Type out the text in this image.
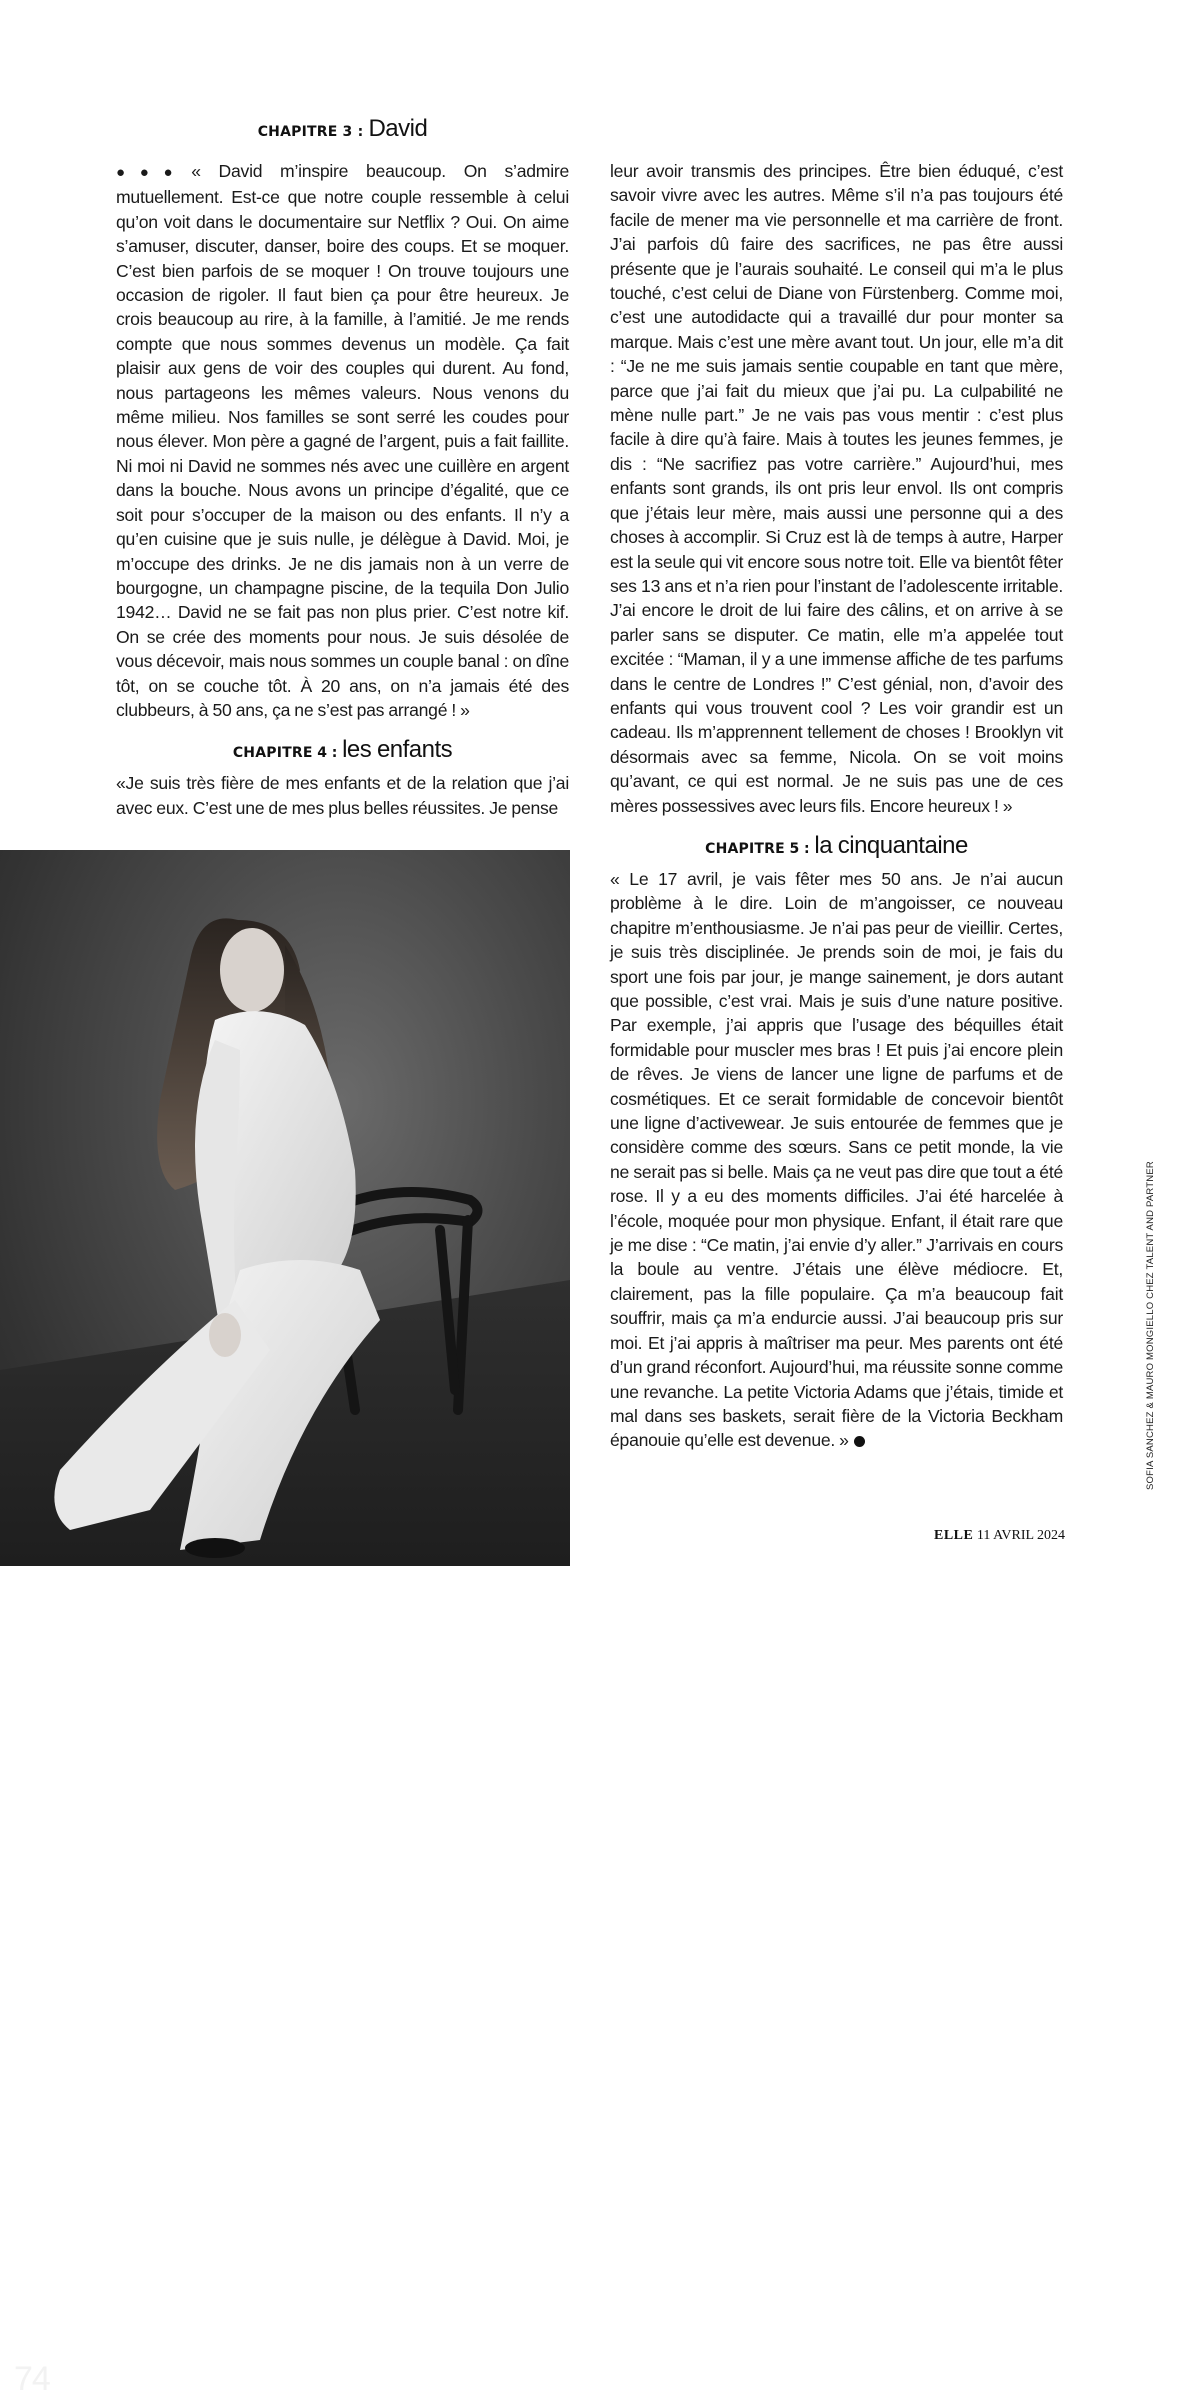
CHAPITRE 3 : David

●●● « David m’inspire beaucoup. On s’admire mutuellement. Est-ce que notre couple ressemble à celui qu’on voit dans le documentaire sur Netflix ? Oui. On aime s’amuser, discuter, danser, boire des coups. Et se moquer. C’est bien parfois de se moquer ! On trouve toujours une occasion de rigoler. Il faut bien ça pour être heureux. Je crois beaucoup au rire, à la famille, à l’amitié. Je me rends compte que nous sommes devenus un modèle. Ça fait plaisir aux gens de voir des couples qui durent. Au fond, nous partageons les mêmes valeurs. Nous venons du même milieu. Nos familles se sont serré les coudes pour nous élever. Mon père a gagné de l’argent, puis a fait faillite. Ni moi ni David ne sommes nés avec une cuillère en argent dans la bouche. Nous avons un principe d’égalité, que ce soit pour s’occuper de la maison ou des enfants. Il n’y a qu’en cuisine que je suis nulle, je délègue à David. Moi, je m’occupe des drinks. Je ne dis jamais non à un verre de bourgogne, un champagne piscine, de la tequila Don Julio 1942… David ne se fait pas non plus prier. C’est notre kif. On se crée des moments pour nous. Je suis désolée de vous décevoir, mais nous sommes un couple banal : on dîne tôt, on se couche tôt. À 20 ans, on n’a jamais été des clubbeurs, à 50 ans, ça ne s’est pas arrangé ! »

CHAPITRE 4 : les enfants

«Je suis très fière de mes enfants et de la relation que j’ai avec eux. C’est une de mes plus belles réussites. Je pense

leur avoir transmis des principes. Être bien éduqué, c’est savoir vivre avec les autres. Même s’il n’a pas toujours été facile de mener ma vie personnelle et ma carrière de front. J’ai parfois dû faire des sacrifices, ne pas être aussi présente que je l’aurais souhaité. Le conseil qui m’a le plus touché, c’est celui de Diane von Fürstenberg. Comme moi, c’est une autodidacte qui a travaillé dur pour monter sa marque. Mais c’est une mère avant tout. Un jour, elle m’a dit : “Je ne me suis jamais sentie coupable en tant que mère, parce que j’ai fait du mieux que j’ai pu. La culpabilité ne mène nulle part.” Je ne vais pas vous mentir : c’est plus facile à dire qu’à faire. Mais à toutes les jeunes femmes, je dis : “Ne sacrifiez pas votre carrière.” Aujourd’hui, mes enfants sont grands, ils ont pris leur envol. Ils ont compris que j’étais leur mère, mais aussi une personne qui a des choses à accomplir. Si Cruz est là de temps à autre, Harper est la seule qui vit encore sous notre toit. Elle va bientôt fêter ses 13 ans et n’a rien pour l’instant de l’adolescente irritable. J’ai encore le droit de lui faire des câlins, et on arrive à se parler sans se disputer. Ce matin, elle m’a appelée tout excitée : “Maman, il y a une immense affiche de tes parfums dans le centre de Londres !” C’est génial, non, d’avoir des enfants qui vous trouvent cool ? Les voir grandir est un cadeau. Ils m’apprennent tellement de choses ! Brooklyn vit désormais avec sa femme, Nicola. On se voit moins qu’avant, ce qui est normal. Je ne suis pas une de ces mères possessives avec leurs fils. Encore heureux ! »

CHAPITRE 5 : la cinquantaine

« Le 17 avril, je vais fêter mes 50 ans. Je n’ai aucun problème à le dire. Loin de m’angoisser, ce nouveau chapitre m’enthousiasme. Je n’ai pas peur de vieillir. Certes, je suis très disciplinée. Je prends soin de moi, je fais du sport une fois par jour, je mange sainement, je dors autant que possible, c’est vrai. Mais je suis d’une nature positive. Par exemple, j’ai appris que l’usage des béquilles était formidable pour muscler mes bras ! Et puis j’ai encore plein de rêves. Je viens de lancer une ligne de parfums et de cosmétiques. Et ce serait formidable de concevoir bientôt une ligne d’activewear. Je suis entourée de femmes que je considère comme des sœurs. Sans ce petit monde, la vie ne serait pas si belle. Mais ça ne veut pas dire que tout a été rose. Il y a eu des moments difficiles. J’ai été harcelée à l’école, moquée pour mon physique. Enfant, il était rare que je me dise : “Ce matin, j’ai envie d’y aller.” J’arrivais en cours la boule au ventre. J’étais une élève médiocre. Et, clairement, pas la fille populaire. Ça m’a beaucoup fait souffrir, mais ça m’a endurcie aussi. J’ai beaucoup pris sur moi. Et j’ai appris à maîtriser ma peur. Mes parents ont été d’un grand réconfort. Aujourd’hui, ma réussite sonne comme une revanche. La petite Victoria Adams que j’étais, timide et mal dans ses baskets, serait fière de la Victoria Beckham épanouie qu’elle est devenue. »

74
SOFIA SANCHEZ & MAURO MONGIELLO CHEZ TALENT AND PARTNER
ELLE 11 AVRIL 2024
